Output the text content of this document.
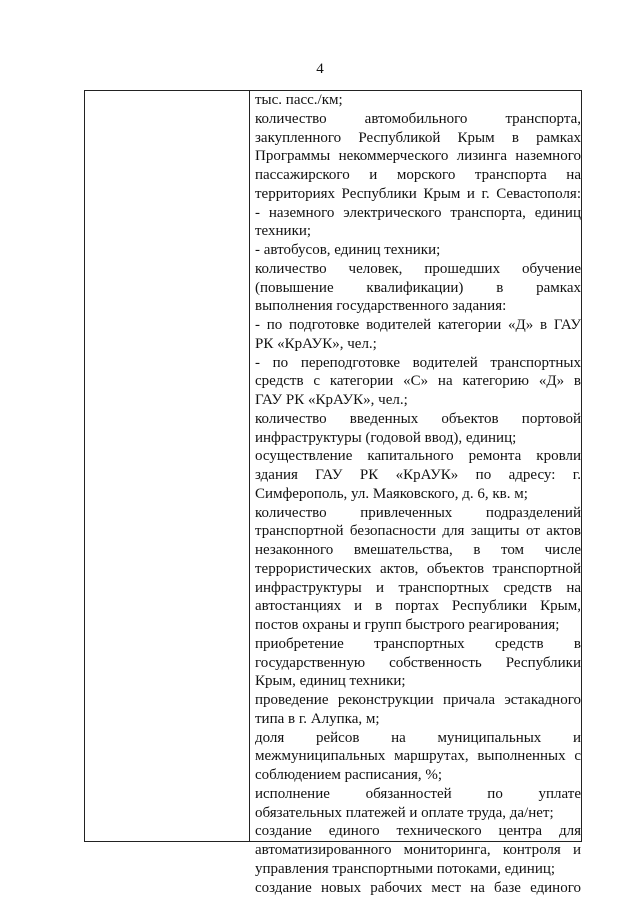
4
тыс. пасс./км;
количество автомобильного транспорта,
закупленного Республикой Крым в рамках
Программы некоммерческого лизинга наземного
пассажирского и морского транспорта на
территориях Республики Крым и г. Севастополя:
- наземного электрического транспорта, единиц
техники;
- автобусов, единиц техники;
количество человек, прошедших обучение
(повышение квалификации) в рамках
выполнения государственного задания:
- по подготовке водителей категории «Д» в ГАУ
РК «КрАУК», чел.;
- по переподготовке водителей транспортных
средств с категории «С» на категорию «Д» в
ГАУ РК «КрАУК», чел.;
количество введенных объектов портовой
инфраструктуры (годовой ввод), единиц;
осуществление капитального ремонта кровли
здания ГАУ РК «КрАУК» по адресу: г.
Симферополь, ул. Маяковского, д. 6, кв. м;
количество привлеченных подразделений
транспортной безопасности для защиты от актов
незаконного вмешательства, в том числе
террористических актов, объектов транспортной
инфраструктуры и транспортных средств на
автостанциях и в портах Республики Крым,
постов охраны и групп быстрого реагирования;
приобретение транспортных средств в
государственную собственность Республики
Крым, единиц техники;
проведение реконструкции причала эстакадного
типа в г. Алупка, м;
доля рейсов на муниципальных и
межмуниципальных маршрутах, выполненных с
соблюдением расписания, %;
исполнение обязанностей по уплате
обязательных платежей и оплате труда, да/нет;
создание единого технического центра для
автоматизированного мониторинга, контроля и
управления транспортными потоками, единиц;
создание новых рабочих мест на базе единого
